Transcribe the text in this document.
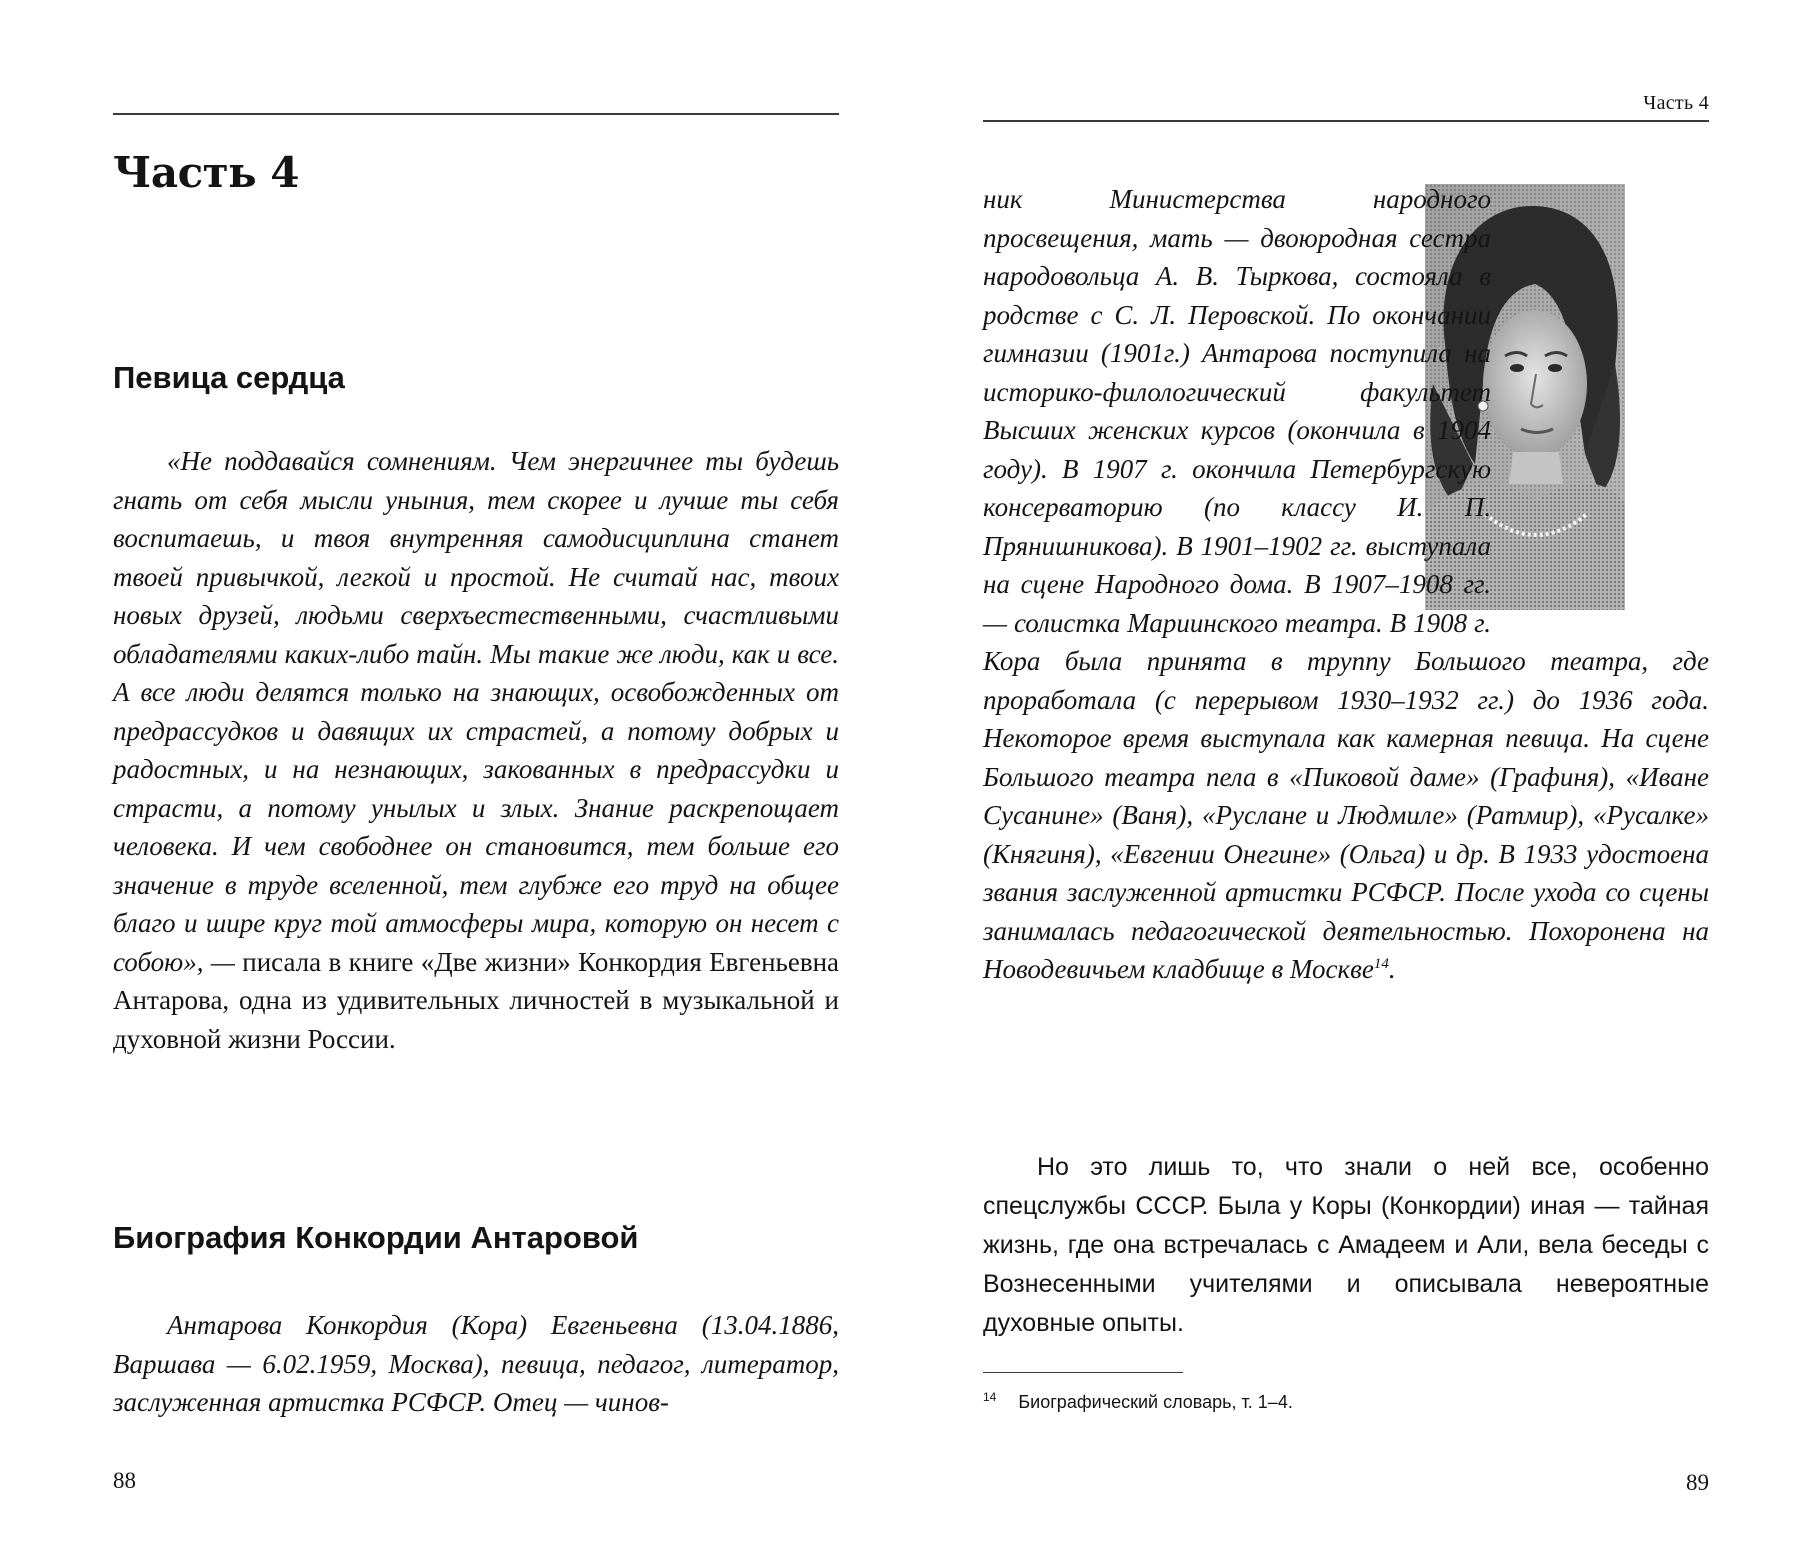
Часть 4
Певица сердца

«Не поддавайся сомнениям. Чем энергичнее ты будешь гнать от себя мысли уныния, тем скорее и лучше ты себя воспитаешь, и твоя внутренняя самодисциплина станет твоей привычкой, легкой и простой. Не считай нас, твоих новых друзей, людьми сверхъестественными, счастливыми обладателями каких-либо тайн. Мы такие же люди, как и все. А все люди делятся только на знающих, освобожденных от предрассудков и давящих их страстей, а потому добрых и радостных, и на незнающих, закованных в предрассудки и страсти, а потому унылых и злых. Знание раскрепощает человека. И чем свободнее он становится, тем больше его значение в труде вселенной, тем глубже его труд на общее благо и шире круг той атмосферы мира, которую он несет с собою», — писала в книге «Две жизни» Конкордия Евгеньевна Антарова, одна из удивительных личностей в музыкальной и духовной жизни России.

Биография Конкордии Антаровой

Антарова Конкордия (Кора) Евгеньевна (13.04.1886, Варшава — 6.02.1959, Москва), певица, педагог, литератор, заслуженная артистка РСФСР. Отец — чинов-

88
Часть 4

ник Министерства народного просвещения, мать — двоюродная сестра народовольца А. В. Тыркова, состояла в родстве с С. Л. Перовской. По окончании гимназии (1901г.) Антарова поступила на историко-филологический факультет Высших женских курсов (окончила в 1904 году). В 1907 г. окончила Петербургскую консерваторию (по классу И. П. Прянишникова). В 1901–1902 гг. выступала на сцене Народного дома. В 1907–1908 гг. — солистка Мариинского театра. В 1908 г. Кора была принята в труппу Большого театра, где проработала (с перерывом 1930–1932 гг.) до 1936 года. Некоторое время выступала как камерная певица. На сцене Большого театра пела в «Пиковой даме» (Графиня), «Иване Сусанине» (Ваня), «Руслане и Людмиле» (Ратмир), «Русалке» (Княгиня), «Евгении Онегине» (Ольга) и др. В 1933 удостоена звания заслуженной артистки РСФСР. После ухода со сцены занималась педагогической деятельностью. Похоронена на Новодевичьем кладбище в Москве$^{14}$.

Но это лишь то, что знали о ней все, особенно спецслужбы СССР. Была у Коры (Конкордии) иная — тайная жизнь, где она встречалась с Амадеем и Али, вела беседы с Вознесенными учителями и описывала невероятные духовные опыты.

$^{14}$ Биографический словарь, т. 1–4.

89
